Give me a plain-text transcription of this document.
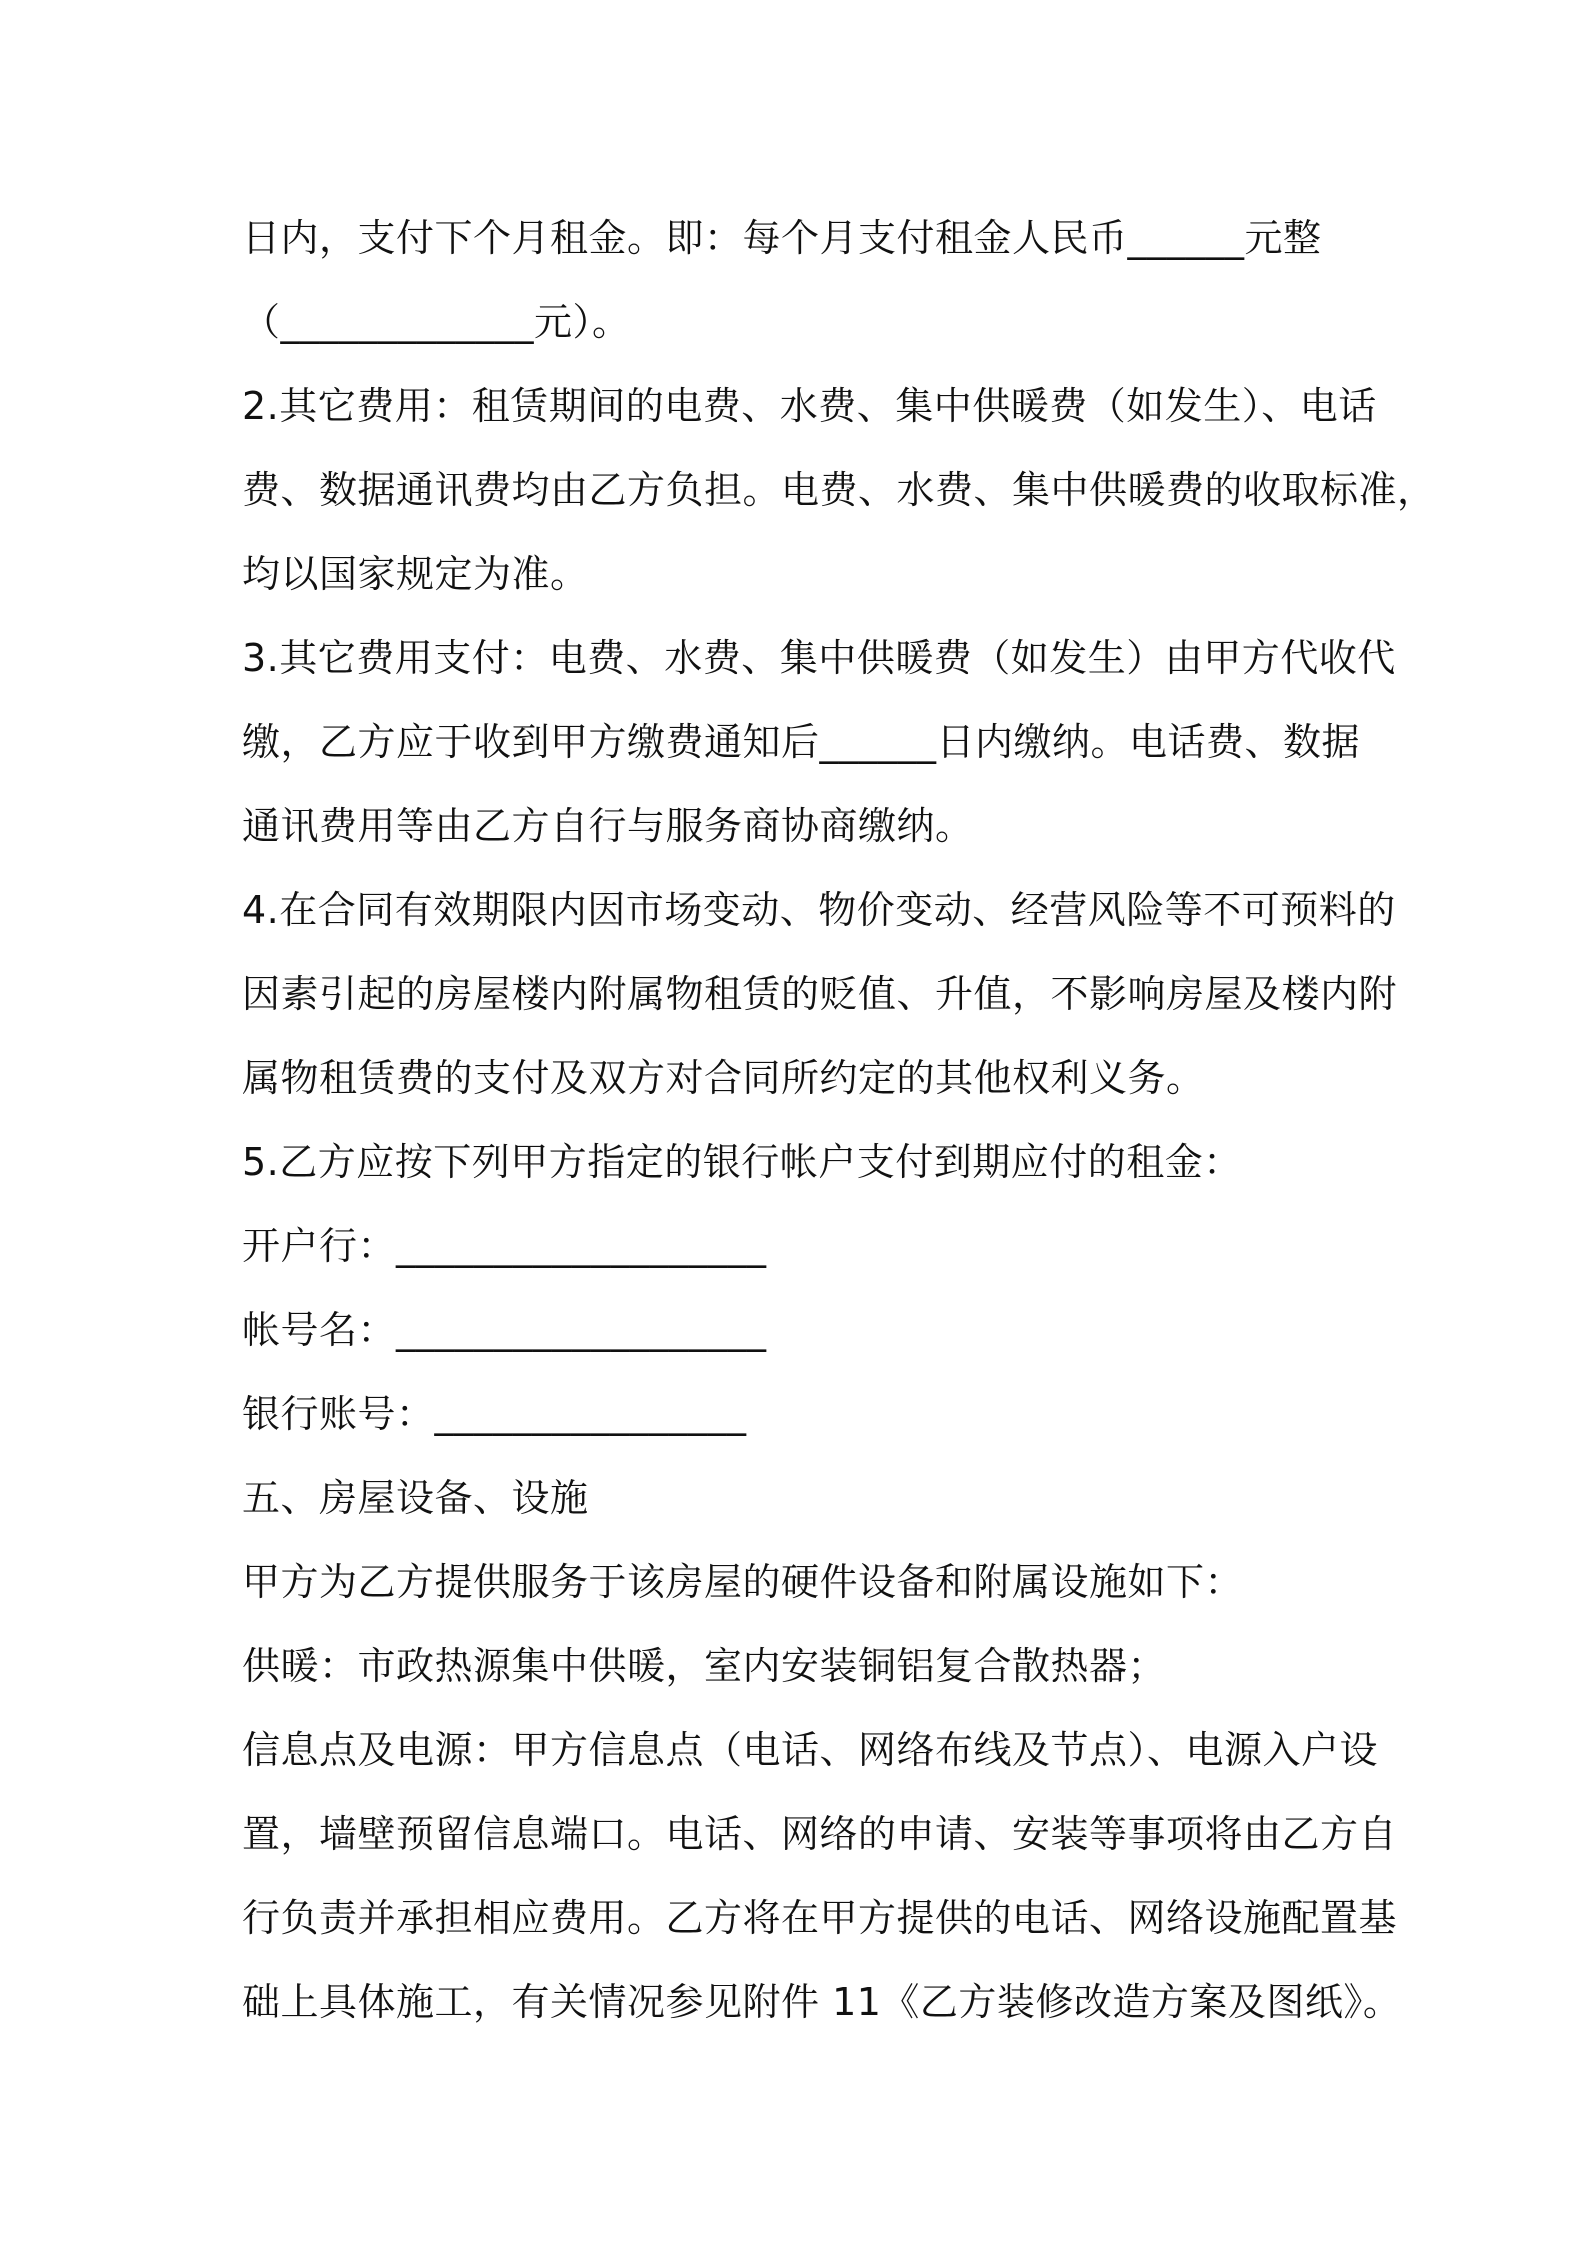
日内，支付下个月租金。即：每个月支付租金人民币______元整
（_____________元）。
2.其它费用：租赁期间的电费、水费、集中供暖费（如发生）、电话
费、数据通讯费均由乙方负担。电费、水费、集中供暖费的收取标准，
均以国家规定为准。
3.其它费用支付：电费、水费、集中供暖费（如发生）由甲方代收代
缴，乙方应于收到甲方缴费通知后______日内缴纳。电话费、数据
通讯费用等由乙方自行与服务商协商缴纳。
4.在合同有效期限内因市场变动、物价变动、经营风险等不可预料的
因素引起的房屋楼内附属物租赁的贬值、升值，不影响房屋及楼内附
属物租赁费的支付及双方对合同所约定的其他权利义务。
5.乙方应按下列甲方指定的银行帐户支付到期应付的租金：
开户行：___________________
帐号名：___________________
银行账号：________________
五、房屋设备、设施
甲方为乙方提供服务于该房屋的硬件设备和附属设施如下：
供暖：市政热源集中供暖，室内安装铜铝复合散热器；
信息点及电源：甲方信息点（电话、网络布线及节点）、电源入户设
置，墙壁预留信息端口。电话、网络的申请、安装等事项将由乙方自
行负责并承担相应费用。乙方将在甲方提供的电话、网络设施配置基
础上具体施工，有关情况参见附件 11《乙方装修改造方案及图纸》。
